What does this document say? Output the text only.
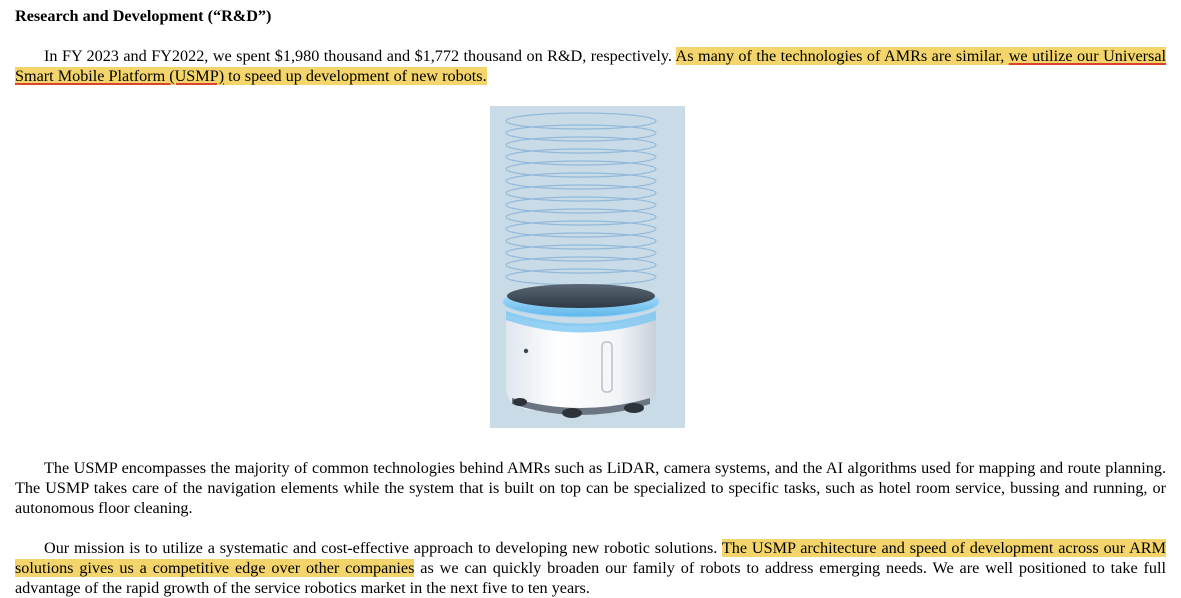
Research and Development (“R&D”)

In FY 2023 and FY2022, we spent $1,980 thousand and $1,772 thousand on R&D, respectively. As many of the technologies of AMRs are similar, we utilize our Universal Smart Mobile Platform (USMP) to speed up development of new robots.

The USMP encompasses the majority of common technologies behind AMRs such as LiDAR, camera systems, and the AI algorithms used for mapping and route planning. The USMP takes care of the navigation elements while the system that is built on top can be specialized to specific tasks, such as hotel room service, bussing and running, or autonomous floor cleaning.

Our mission is to utilize a systematic and cost-effective approach to developing new robotic solutions. The USMP architecture and speed of development across our ARM solutions gives us a competitive edge over other companies as we can quickly broaden our family of robots to address emerging needs. We are well positioned to take full advantage of the rapid growth of the service robotics market in the next five to ten years.
